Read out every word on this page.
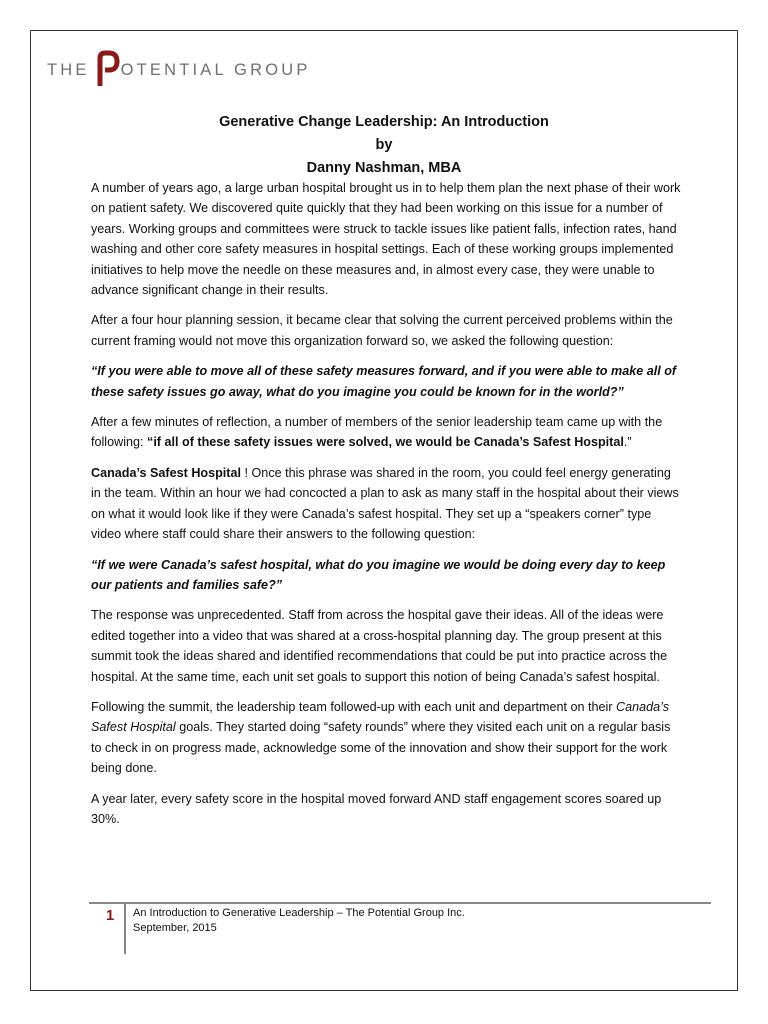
THE OTENTIAL GROUP
Generative Change Leadership: An Introduction
by
Danny Nashman, MBA

A number of years ago, a large urban hospital brought us in to help them plan the next phase of their work on patient safety. We discovered quite quickly that they had been working on this issue for a number of years. Working groups and committees were struck to tackle issues like patient falls, infection rates, hand washing and other core safety measures in hospital settings. Each of these working groups implemented initiatives to help move the needle on these measures and, in almost every case, they were unable to advance significant change in their results.

After a four hour planning session, it became clear that solving the current perceived problems within the current framing would not move this organization forward so, we asked the following question:

“If you were able to move all of these safety measures forward, and if you were able to make all of these safety issues go away, what do you imagine you could be known for in the world?”

After a few minutes of reflection, a number of members of the senior leadership team came up with the following: “if all of these safety issues were solved, we would be Canada’s Safest Hospital.”

Canada’s Safest Hospital ! Once this phrase was shared in the room, you could feel energy generating in the team. Within an hour we had concocted a plan to ask as many staff in the hospital about their views on what it would look like if they were Canada’s safest hospital. They set up a “speakers corner” type video where staff could share their answers to the following question:

“If we were Canada’s safest hospital, what do you imagine we would be doing every day to keep our patients and families safe?”

The response was unprecedented. Staff from across the hospital gave their ideas. All of the ideas were edited together into a video that was shared at a cross-hospital planning day. The group present at this summit took the ideas shared and identified recommendations that could be put into practice across the hospital. At the same time, each unit set goals to support this notion of being Canada’s safest hospital.

Following the summit, the leadership team followed-up with each unit and department on their Canada’s Safest Hospital goals. They started doing “safety rounds” where they visited each unit on a regular basis to check in on progress made, acknowledge some of the innovation and show their support for the work being done.

A year later, every safety score in the hospital moved forward AND staff engagement scores soared up 30%.

1	An Introduction to Generative Leadership – The Potential Group Inc.
September, 2015
